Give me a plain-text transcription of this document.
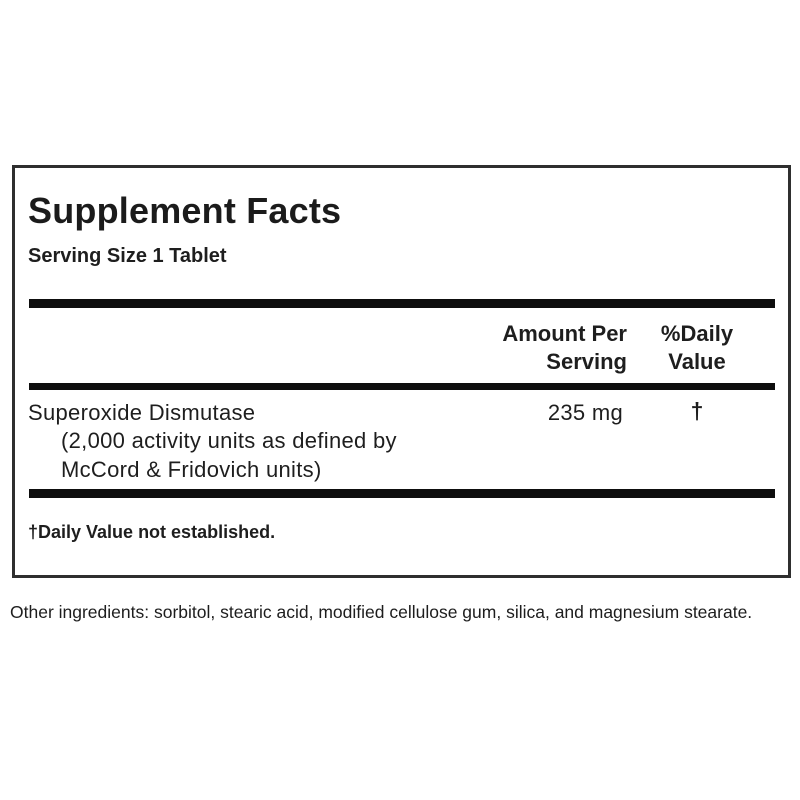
Supplement Facts
Serving Size 1 Tablet
Amount Per
Serving
%Daily
Value
Superoxide Dismutase
(2,000 activity units as defined by
McCord & Fridovich units)
235 mg	†
†Daily Value not established.
Other ingredients: sorbitol, stearic acid, modified cellulose gum, silica, and magnesium stearate.
